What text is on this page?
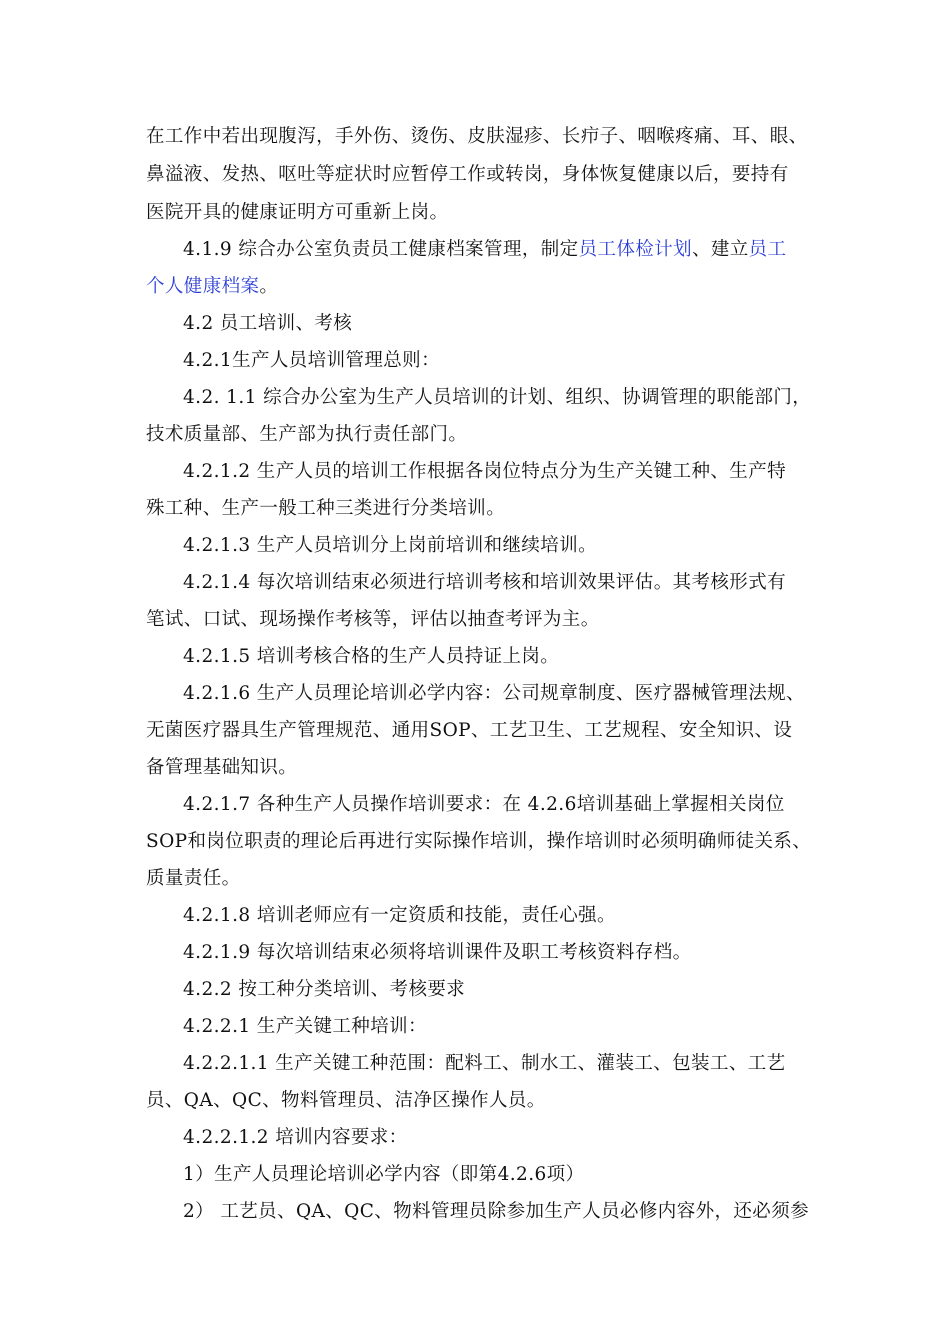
在工作中若出现腹泻，手外伤、烫伤、皮肤湿疹、长疖子、咽喉疼痛、耳、眼、
鼻溢液、发热、呕吐等症状时应暂停工作或转岗，身体恢复健康以后，要持有
医院开具的健康证明方可重新上岗。
4.1.9 综合办公室负责员工健康档案管理，制定员工体检计划、建立员工
个人健康档案。
4.2 员工培训、考核
4.2.1生产人员培训管理总则：
4.2. 1.1 综合办公室为生产人员培训的计划、组织、协调管理的职能部门，
技术质量部、生产部为执行责任部门。
4.2.1.2 生产人员的培训工作根据各岗位特点分为生产关键工种、生产特
殊工种、生产一般工种三类进行分类培训。
4.2.1.3 生产人员培训分上岗前培训和继续培训。
4.2.1.4 每次培训结束必须进行培训考核和培训效果评估。其考核形式有
笔试、口试、现场操作考核等，评估以抽查考评为主。
4.2.1.5 培训考核合格的生产人员持证上岗。
4.2.1.6 生产人员理论培训必学内容：公司规章制度、医疗器械管理法规、
无菌医疗器具生产管理规范、通用SOP、工艺卫生、工艺规程、安全知识、设
备管理基础知识。
4.2.1.7 各种生产人员操作培训要求：在 4.2.6培训基础上掌握相关岗位
SOP和岗位职责的理论后再进行实际操作培训，操作培训时必须明确师徒关系、
质量责任。
4.2.1.8 培训老师应有一定资质和技能，责任心强。
4.2.1.9 每次培训结束必须将培训课件及职工考核资料存档。
4.2.2 按工种分类培训、考核要求
4.2.2.1 生产关键工种培训：
4.2.2.1.1 生产关键工种范围：配料工、制水工、灌装工、包装工、工艺
员、QA、QC、物料管理员、洁净区操作人员。
4.2.2.1.2 培训内容要求：
1）生产人员理论培训必学内容（即第4.2.6项）
2） 工艺员、QA、QC、物料管理员除参加生产人员必修内容外，还必须参
